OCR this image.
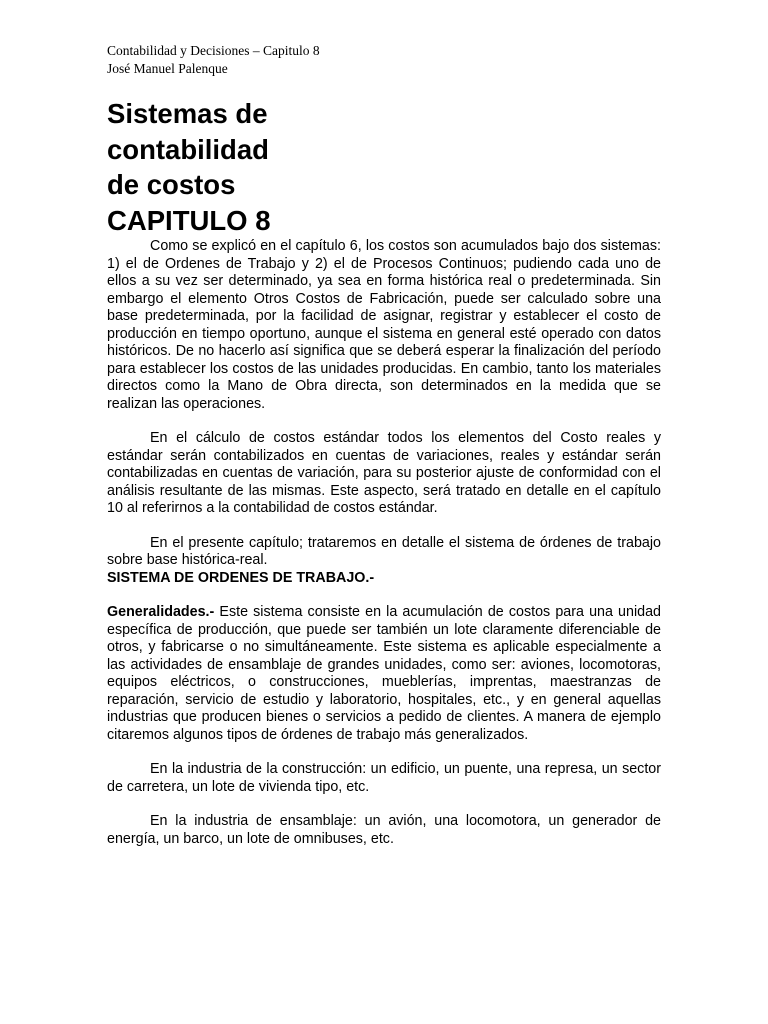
Contabilidad y Decisiones – Capitulo 8
José Manuel Palenque
Sistemas de
contabilidad
de costos
CAPITULO 8

Como se explicó en el capítulo 6, los costos son acumulados bajo dos sistemas: 1) el de Ordenes de Trabajo y 2) el de Procesos Continuos; pudiendo cada uno de ellos a su vez ser determinado, ya sea en forma histórica real o predeterminada. Sin embargo el elemento Otros Costos de Fabricación, puede ser calculado sobre una base predeterminada, por la facilidad de asignar, registrar y establecer el costo de producción en tiempo oportuno, aunque el sistema en general esté operado con datos históricos. De no hacerlo así significa que se deberá esperar la finalización del período para establecer los costos de las unidades producidas. En cambio, tanto los materiales directos como la Mano de Obra directa, son determinados en la medida que se realizan las operaciones.

En el cálculo de costos estándar todos los elementos del Costo reales y estándar serán contabilizados en cuentas de variaciones, reales y estándar serán contabilizadas en cuentas de variación, para su posterior ajuste de conformidad con el análisis resultante de las mismas. Este aspecto, será tratado en detalle en el capítulo 10 al referirnos a la contabilidad de costos estándar.

En el presente capítulo; trataremos en detalle el sistema de órdenes de trabajo sobre base histórica-real.

SISTEMA DE ORDENES DE TRABAJO.-

Generalidades.- Este sistema consiste en la acumulación de costos para una unidad específica de producción, que puede ser también un lote claramente diferenciable de otros, y fabricarse o no simultáneamente. Este sistema es aplicable especialmente a las actividades de ensamblaje de grandes unidades, como ser: aviones, locomotoras, equipos eléctricos, o construcciones, mueblerías, imprentas, maestranzas de reparación, servicio de estudio y laboratorio, hospitales, etc., y en general aquellas industrias que producen bienes o servicios a pedido de clientes. A manera de ejemplo citaremos algunos tipos de órdenes de trabajo más generalizados.

En la industria de la construcción: un edificio, un puente, una represa, un sector de carretera, un lote de vivienda tipo, etc.

En la industria de ensamblaje: un avión, una locomotora, un generador de energía, un barco, un lote de omnibuses, etc.
